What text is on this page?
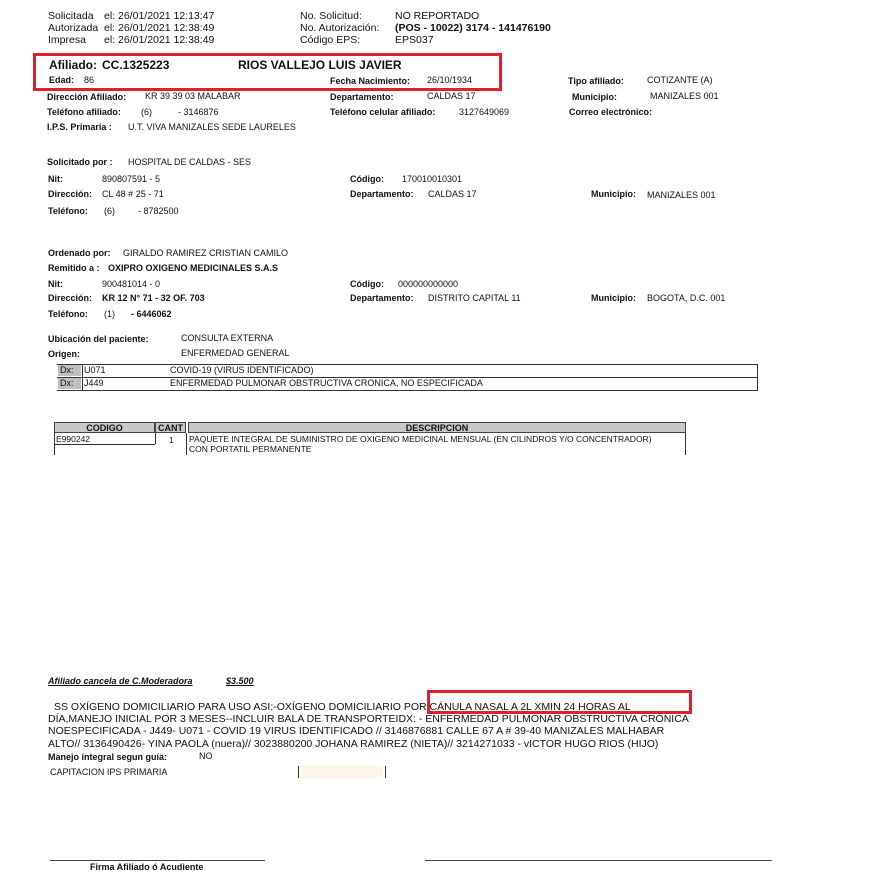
Solicitada el: 26/01/2021 12:13:47
Autorizada el: 26/01/2021 12:38:49
Impresa el: 26/01/2021 12:38:49
No. Solicitud:	NO REPORTADO
No. Autorización: (POS - 10022) 3174 - 141476190
Código EPS:	EPS037
Afiliado: CC.1325223	RIOS VALLEJO LUIS JAVIER
Edad: 86	Fecha Nacimiento: 26/10/1934	Tipo afiliado:	COTIZANTE (A)
Dirección Afiliado: KR 39 39 03 MALABAR	Departamento:	CALDAS 17	Municipio:	MANIZALES 001
Teléfono afiliado: (6)	- 3146876	Teléfono celular afiliado:	3127649069	Correo electrónico:
I.P.S. Primaria : U.T. VIVA MANIZALES SEDE LAURELES
Solicitado por : HOSPITAL DE CALDAS - SES
Nit:	890807591 - 5	Código: 170010010301
Dirección: CL 48 # 25 - 71	Departamento: CALDAS 17	Municipio: MANIZALES 001
Teléfono: (6)	- 8782500
Ordenado por: GIRALDO RAMIREZ CRISTIAN CAMILO
Remitido a : OXIPRO OXIGENO MEDICINALES S.A.S
Nit:	900481014 - 0	Código: 000000000000
Dirección: KR 12 N° 71 - 32 OF. 703	Departamento: DISTRITO CAPITAL 11	Municipio: BOGOTA, D.C. 001
Teléfono: (1) - 6446062
Ubicación del paciente:	CONSULTA EXTERNA
Origen:	ENFERMEDAD GENERAL
Dx:	U071	COVID-19 (VIRUS IDENTIFICADO)
Dx:	J449	ENFERMEDAD PULMONAR OBSTRUCTIVA CRONICA, NO ESPECIFICADA
CODIGO	CANT	DESCRIPCION
E990242	1 PAQUETE INTEGRAL DE SUMINISTRO DE OXIGENO MEDICINAL MENSUAL (EN CILINDROS Y/O CONCENTRADOR)
CON PORTATIL PERMANENTE
Afiliado cancela de C.Moderadora	$3.500
SS OXÍGENO DOMICILIARIO PARA USO ASI:-OXÍGENO DOMICILIARIO POR CÁNULA NASAL A 2L XMIN 24 HORAS AL
DÍA,MANEJO INICIAL POR 3 MESES--INCLUIR BALA DE TRANSPORTEIDX: - ENFERMEDAD PULMONAR OBSTRUCTIVA CRÓNICA
NOESPECIFICADA - J449- U071 - COVID 19 VIRUS IDENTIFICADO // 3146876881 CALLE 67 A # 39-40 MANIZALES MALHABAR
ALTO// 3136490426- YINA PAOLA (nuera)// 3023880200 JOHANA RAMIREZ (NIETA)// 3214271033 - vICTOR HUGO RIOS (HIJO)
Manejo integral segun guía:	NO
CAPITACION IPS PRIMARIA
Firma Afiliado ó Acudiente
